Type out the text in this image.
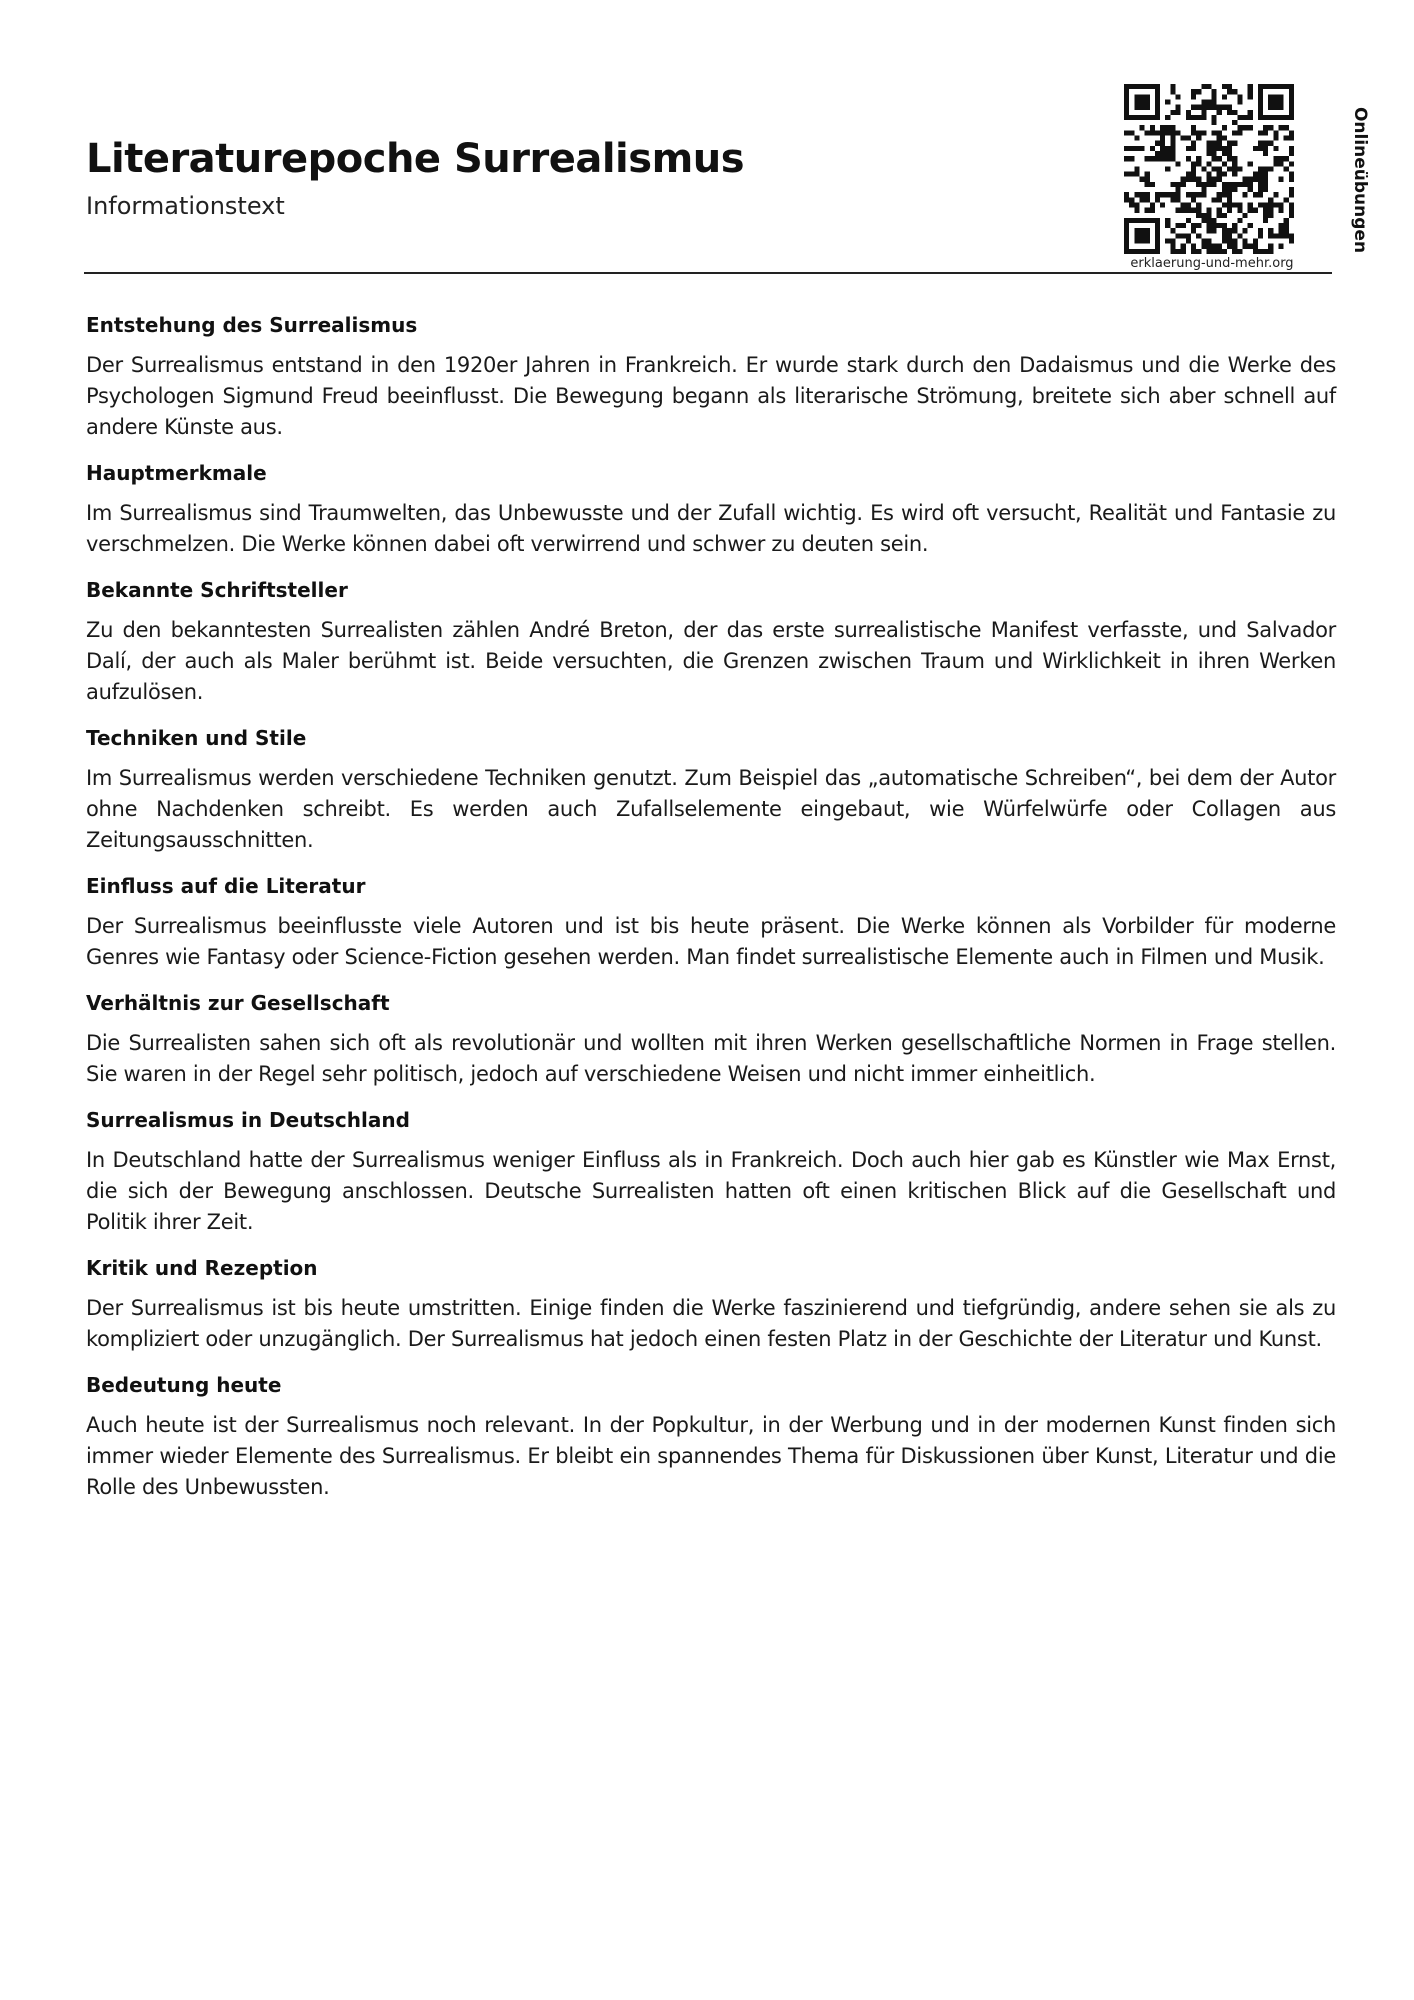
Literaturepoche Surrealismus
Informationstext	Onlineübungen
erklaerung-und-mehr.org
Entstehung des Surrealismus

Der Surrealismus entstand in den 1920er Jahren in Frankreich. Er wurde stark durch den Dadaismus und die Werke des Psychologen Sigmund Freud beeinflusst. Die Bewegung begann als literarische Strömung, breitete sich aber schnell auf andere Künste aus.

Hauptmerkmale

Im Surrealismus sind Traumwelten, das Unbewusste und der Zufall wichtig. Es wird oft versucht, Realität und Fantasie zu verschmelzen. Die Werke können dabei oft verwirrend und schwer zu deuten sein.

Bekannte Schriftsteller

Zu den bekanntesten Surrealisten zählen André Breton, der das erste surrealistische Manifest verfasste, und Salvador Dalí, der auch als Maler berühmt ist. Beide versuchten, die Grenzen zwischen Traum und Wirklichkeit in ihren Werken aufzulösen.

Techniken und Stile

Im Surrealismus werden verschiedene Techniken genutzt. Zum Beispiel das „automatische Schreiben“, bei dem der Autor ohne Nachdenken schreibt. Es werden auch Zufallselemente eingebaut, wie Würfelwürfe oder Collagen aus Zeitungsausschnitten.

Einfluss auf die Literatur

Der Surrealismus beeinflusste viele Autoren und ist bis heute präsent. Die Werke können als Vorbilder für moderne Genres wie Fantasy oder Science-Fiction gesehen werden. Man findet surrealistische Elemente auch in Filmen und Musik.

Verhältnis zur Gesellschaft

Die Surrealisten sahen sich oft als revolutionär und wollten mit ihren Werken gesellschaftliche Normen in Frage stellen. Sie waren in der Regel sehr politisch, jedoch auf verschiedene Weisen und nicht immer einheitlich.

Surrealismus in Deutschland

In Deutschland hatte der Surrealismus weniger Einfluss als in Frankreich. Doch auch hier gab es Künstler wie Max Ernst, die sich der Bewegung anschlossen. Deutsche Surrealisten hatten oft einen kritischen Blick auf die Gesellschaft und Politik ihrer Zeit.

Kritik und Rezeption

Der Surrealismus ist bis heute umstritten. Einige finden die Werke faszinierend und tiefgründig, andere sehen sie als zu kompliziert oder unzugänglich. Der Surrealismus hat jedoch einen festen Platz in der Geschichte der Literatur und Kunst.

Bedeutung heute

Auch heute ist der Surrealismus noch relevant. In der Popkultur, in der Werbung und in der modernen Kunst finden sich immer wieder Elemente des Surrealismus. Er bleibt ein spannendes Thema für Diskussionen über Kunst, Literatur und die Rolle des Unbewussten.
